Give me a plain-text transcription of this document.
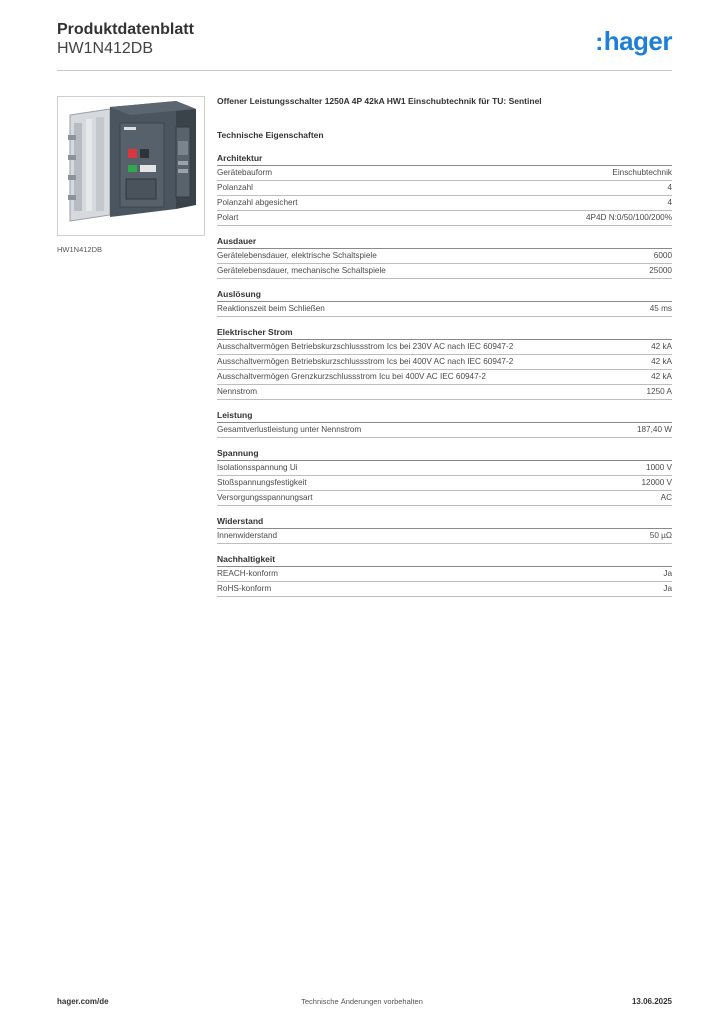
Produktdatenblatt
HW1N412DB	:hager
HW1N412DB
Offener Leistungsschalter 1250A 4P 42kA HW1 Einschubtechnik für TU: Sentinel
Technische Eigenschaften
Architektur
Gerätebauform	Einschubtechnik
Polanzahl	4
Polanzahl abgesichert	4
Polart	4P4D N:0/50/100/200%
Ausdauer
Gerätelebensdauer, elektrische Schaltspiele	6000
Gerätelebensdauer, mechanische Schaltspiele	25000
Auslösung
Reaktionszeit beim Schließen	45 ms
Elektrischer Strom
Ausschaltvermögen Betriebskurzschlussstrom Ics bei 230V AC nach IEC 60947-2	42 kA
Ausschaltvermögen Betriebskurzschlussstrom Ics bei 400V AC nach IEC 60947-2	42 kA
Ausschaltvermögen Grenzkurzschlussstrom Icu bei 400V AC IEC 60947-2	42 kA
Nennstrom	1250 A
Leistung
Gesamtverlustleistung unter Nennstrom	187,40 W
Spannung
Isolationsspannung Ui	1000 V
Stoßspannungsfestigkeit	12000 V
Versorgungsspannungsart	AC
Widerstand
Innenwiderstand	50 µΩ
Nachhaltigkeit
REACH-konform	Ja
RoHS-konform	Ja
hager.com/de	Technische Änderungen vorbehalten	13.06.2025
